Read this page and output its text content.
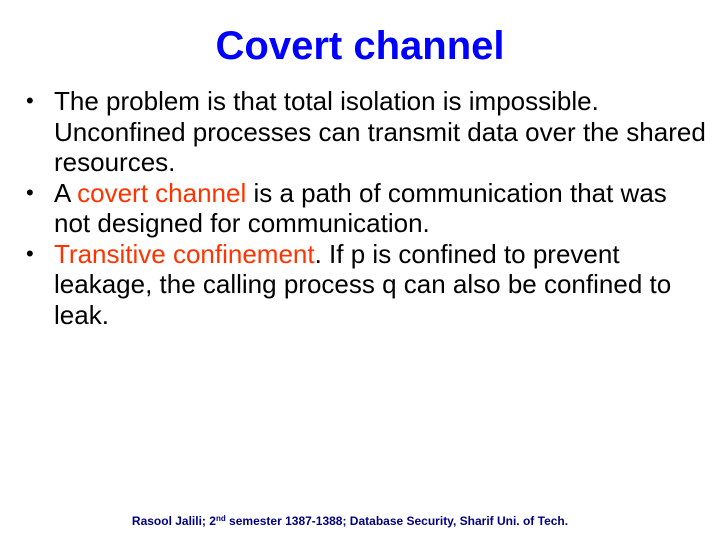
Covert channel
• The problem is that total isolation is impossible. Unconfined processes can transmit data over the shared resources.
• A covert channel is a path of communication that was not designed for communication.
• Transitive confinement. If p is confined to prevent leakage, the calling process q can also be confined to leak.
Rasool Jalili; 2nd semester 1387-1388; Database Security, Sharif Uni. of Tech.
